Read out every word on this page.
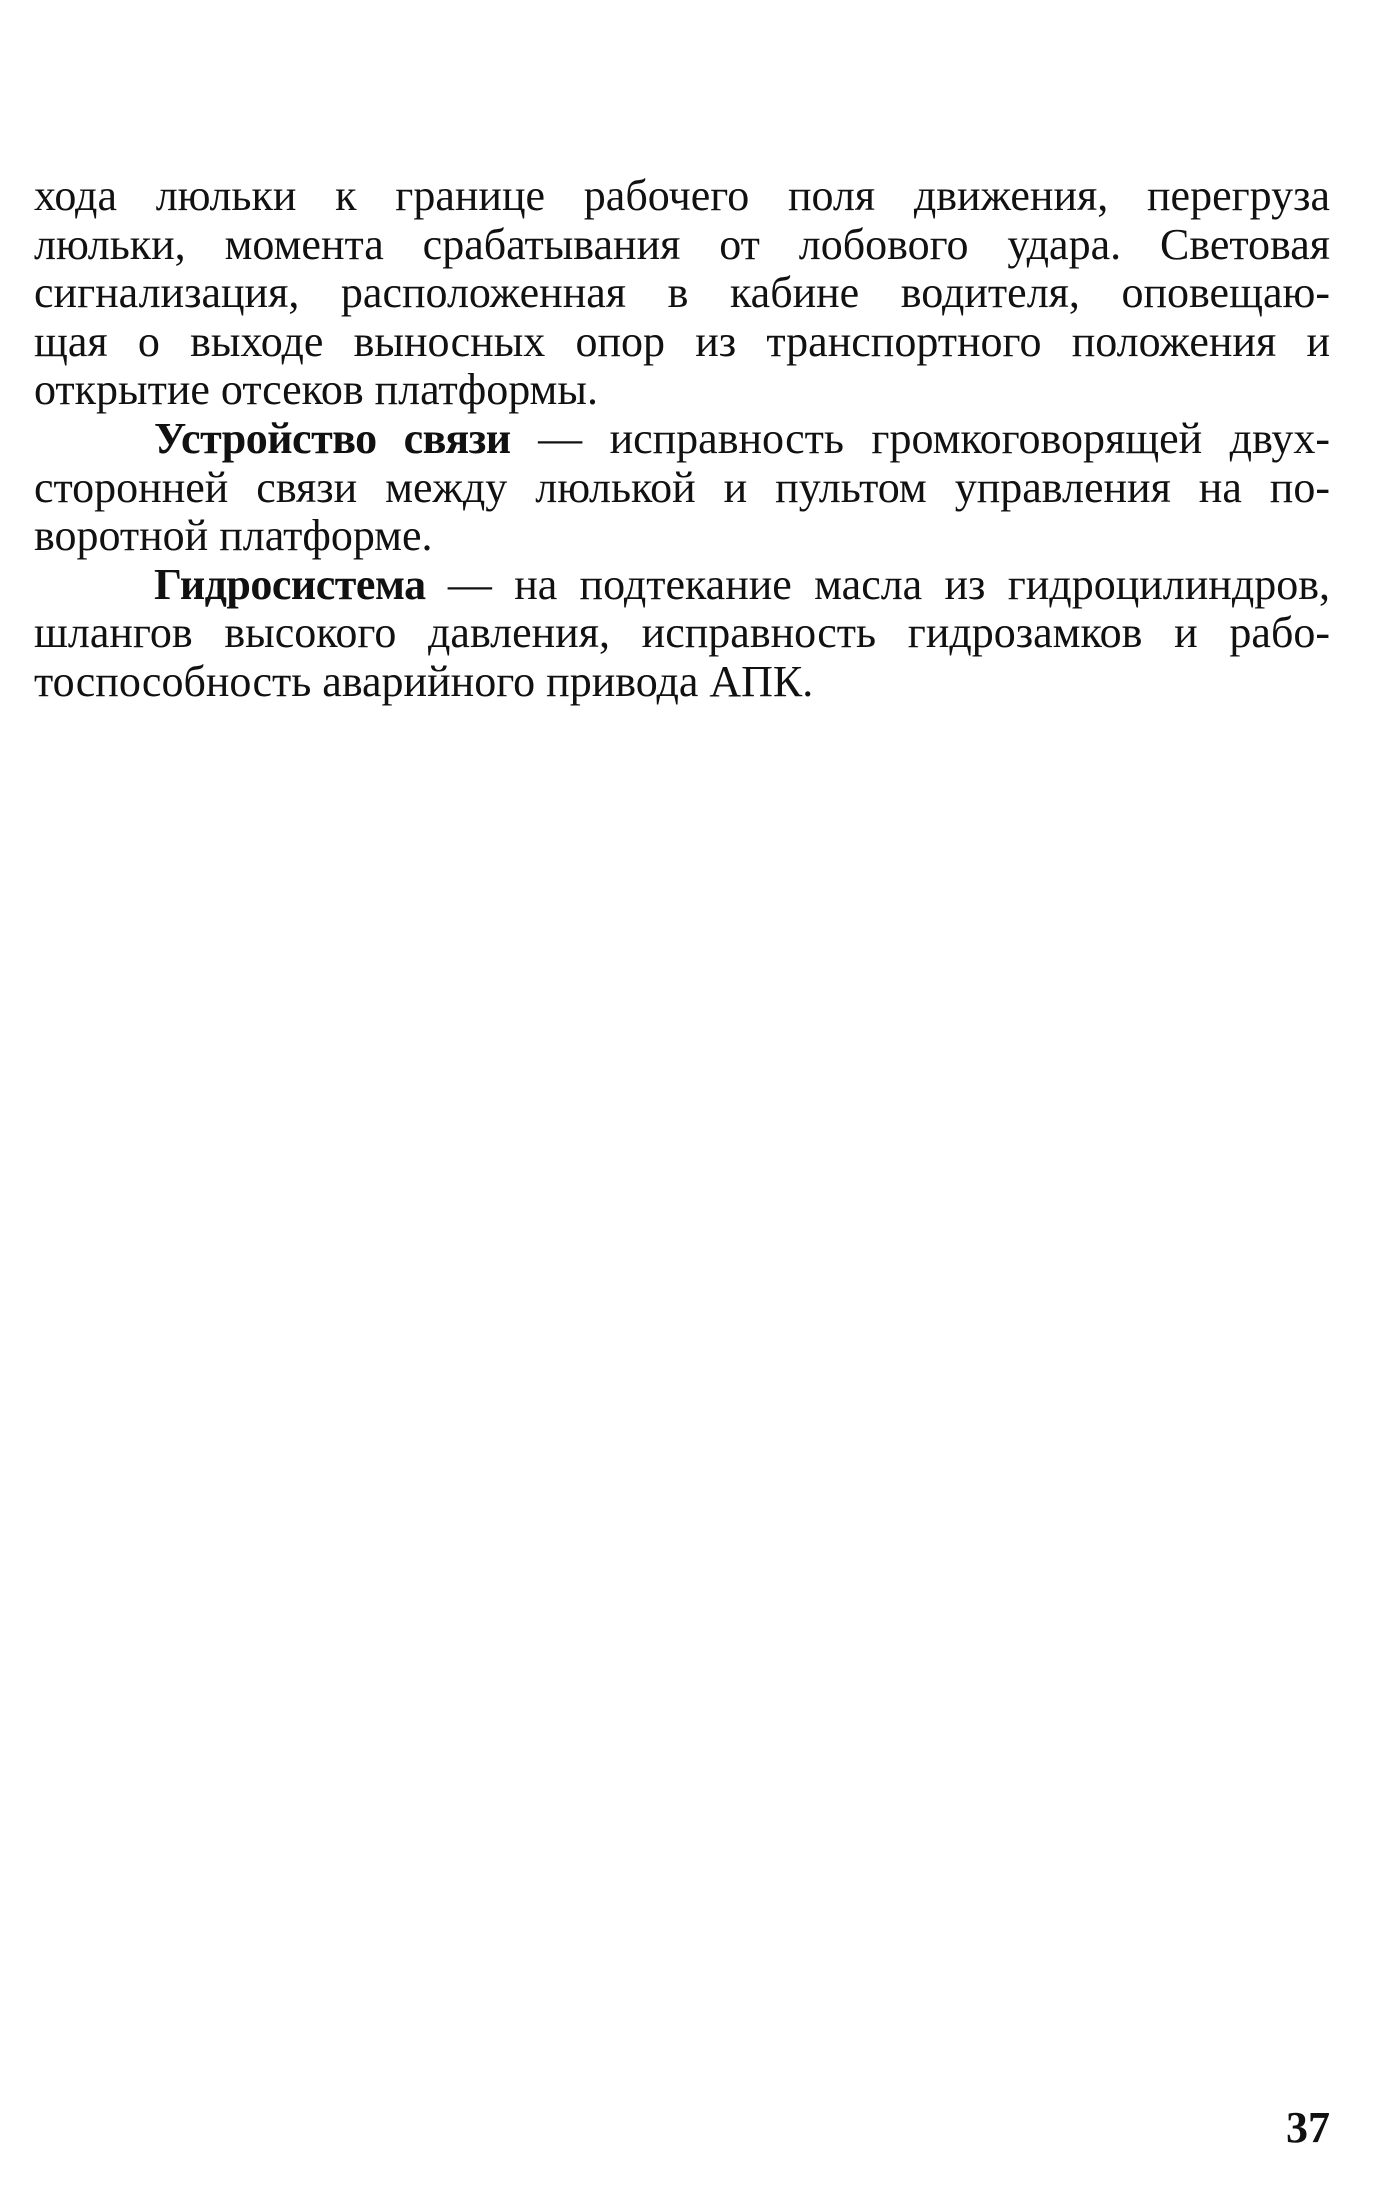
хода люльки к границе рабочего поля движения, перегруза
люльки, момента срабатывания от лобового удара. Световая
сигнализация, расположенная в кабине водителя, оповещаю-
щая о выходе выносных опор из транспортного положения и
открытие отсеков платформы.
Устройство связи — исправность громкоговорящей двух-
сторонней связи между люлькой и пультом управления на по-
воротной платформе.
Гидросистема — на подтекание масла из гидроцилиндров,
шлангов высокого давления, исправность гидрозамков и рабо-
тоспособность аварийного привода АПК.
37
